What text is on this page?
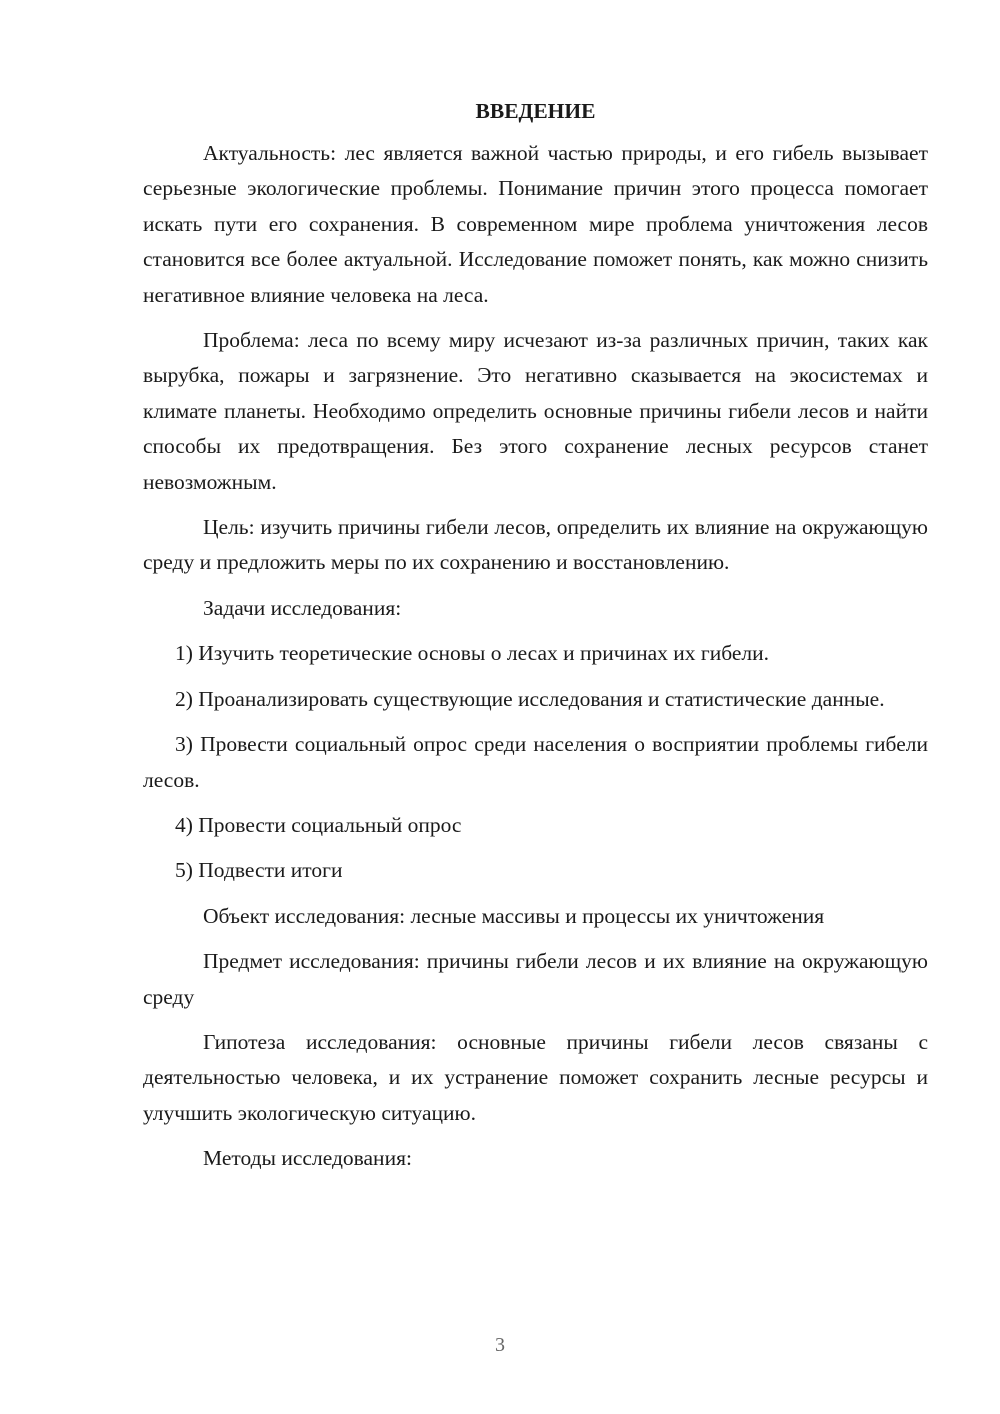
ВВЕДЕНИЕ

Актуальность: лес является важной частью природы, и его гибель вызывает серьезные экологические проблемы. Понимание причин этого процесса помогает искать пути его сохранения. В современном мире проблема уничтожения лесов становится все более актуальной. Исследование поможет понять, как можно снизить негативное влияние человека на леса.

Проблема: леса по всему миру исчезают из-за различных причин, таких как вырубка, пожары и загрязнение. Это негативно сказывается на экосистемах и климате планеты. Необходимо определить основные причины гибели лесов и найти способы их предотвращения. Без этого сохранение лесных ресурсов станет невозможным.

Цель: изучить причины гибели лесов, определить их влияние на окружающую среду и предложить меры по их сохранению и восстановлению.

Задачи исследования:

1) Изучить теоретические основы о лесах и причинах их гибели.

2) Проанализировать существующие исследования и статистические данные.

3) Провести социальный опрос среди населения о восприятии проблемы гибели лесов.

4) Провести социальный опрос

5) Подвести итоги

Объект исследования: лесные массивы и процессы их уничтожения

Предмет исследования: причины гибели лесов и их влияние на окружающую среду

Гипотеза исследования: основные причины гибели лесов связаны с деятельностью человека, и их устранение поможет сохранить лесные ресурсы и улучшить экологическую ситуацию.

Методы исследования:

3
